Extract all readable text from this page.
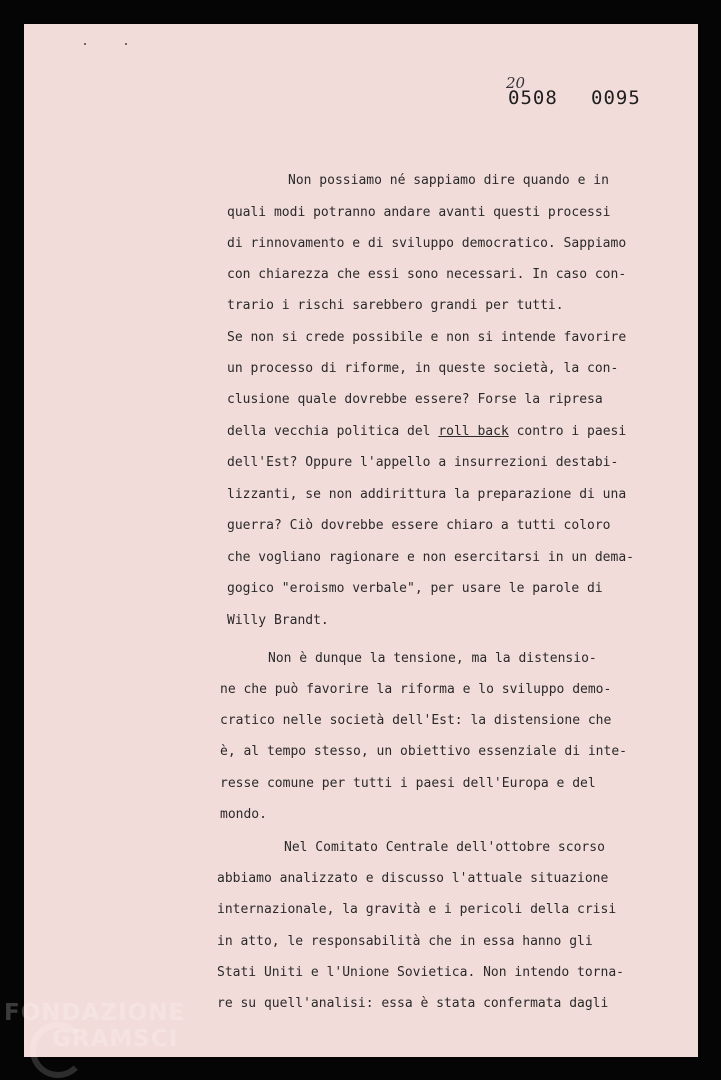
20
0508 0095
Non possiamo né sappiamo dire quando e in
quali modi potranno andare avanti questi processi
di rinnovamento e di sviluppo democratico. Sappiamo
con chiarezza che essi sono necessari. In caso con-
trario i rischi sarebbero grandi per tutti.
Se non si crede possibile e non si intende favorire
un processo di riforme, in queste società, la con-
clusione quale dovrebbe essere? Forse la ripresa
della vecchia politica del roll back contro i paesi
dell'Est? Oppure l'appello a insurrezioni destabi-
lizzanti, se non addirittura la preparazione di una
guerra? Ciò dovrebbe essere chiaro a tutti coloro
che vogliano ragionare e non esercitarsi in un dema-
gogico "eroismo verbale", per usare le parole di
Willy Brandt.
Non è dunque la tensione, ma la distensio-
ne che può favorire la riforma e lo sviluppo demo-
cratico nelle società dell'Est: la distensione che
è, al tempo stesso, un obiettivo essenziale di inte-
resse comune per tutti i paesi dell'Europa e del
mondo.
Nel Comitato Centrale dell'ottobre scorso
abbiamo analizzato e discusso l'attuale situazione
internazionale, la gravità e i pericoli della crisi
in atto, le responsabilità che in essa hanno gli
Stati Uniti e l'Unione Sovietica. Non intendo torna-
re su quell'analisi: essa è stata confermata dagli
FONDAZIONE
GRAMSCI
